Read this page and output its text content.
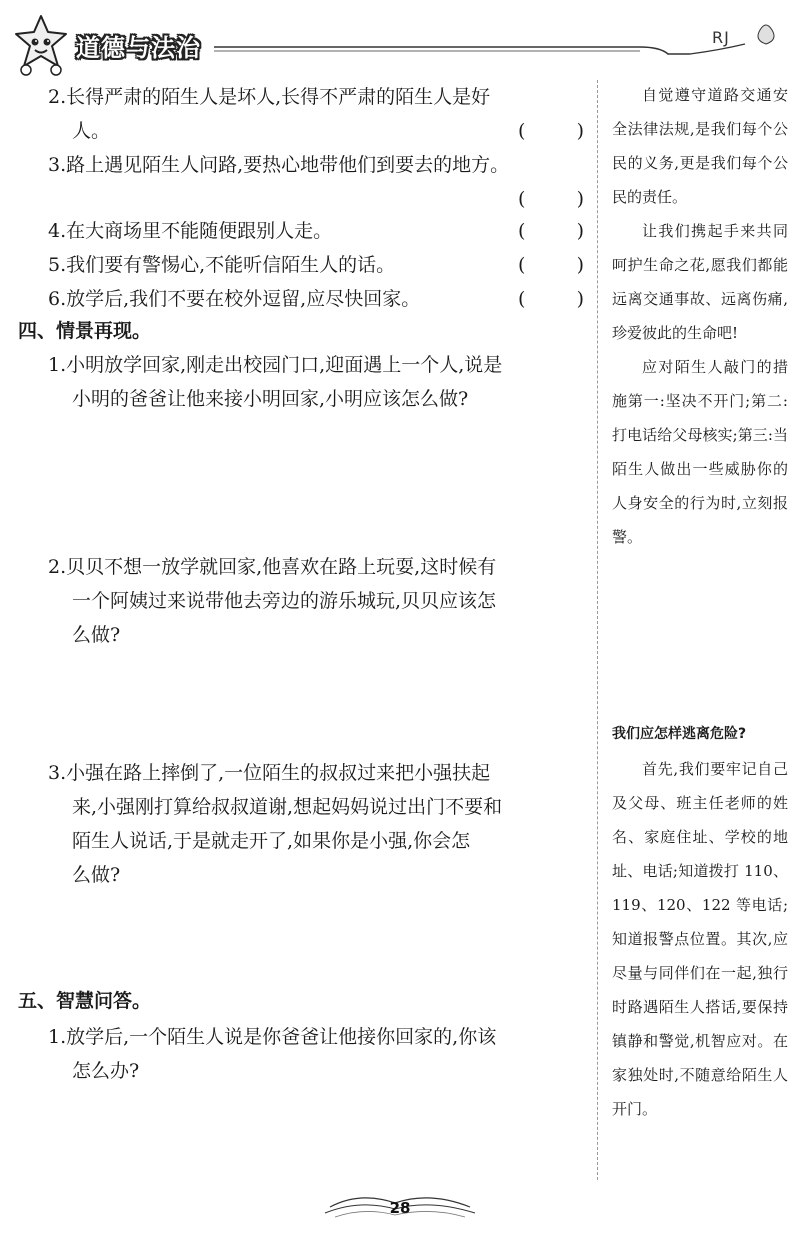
道德与法治	RJ
2.长得严肃的陌生人是坏人,长得不严肃的陌生人是好
人。	(	)
3.路上遇见陌生人问路,要热心地带他们到要去的地方。
(	)
4.在大商场里不能随便跟别人走。	(	)
5.我们要有警惕心,不能听信陌生人的话。	(	)
6.放学后,我们不要在校外逗留,应尽快回家。	(	)
四、情景再现。
1.小明放学回家,刚走出校园门口,迎面遇上一个人,说是
小明的爸爸让他来接小明回家,小明应该怎么做?
2.贝贝不想一放学就回家,他喜欢在路上玩耍,这时候有
一个阿姨过来说带他去旁边的游乐城玩,贝贝应该怎
么做?
3.小强在路上摔倒了,一位陌生的叔叔过来把小强扶起
来,小强刚打算给叔叔道谢,想起妈妈说过出门不要和
陌生人说话,于是就走开了,如果你是小强,你会怎
么做?
五、智慧问答。
1.放学后,一个陌生人说是你爸爸让他接你回家的,你该
怎么办?

自觉遵守道路交通安全法律法规,是我们每个公民的义务,更是我们每个公民的责任。

让我们携起手来共同呵护生命之花,愿我们都能远离交通事故、远离伤痛,珍爱彼此的生命吧!

应对陌生人敲门的措施第一:坚决不开门;第二:打电话给父母核实;第三:当陌生人做出一些威胁你的人身安全的行为时,立刻报警。

我们应怎样逃离危险?

首先,我们要牢记自己及父母、班主任老师的姓名、家庭住址、学校的地址、电话;知道拨打 110、119、120、122 等电话;知道报警点位置。其次,应尽量与同伴们在一起,独行时路遇陌生人搭话,要保持镇静和警觉,机智应对。在家独处时,不随意给陌生人开门。

28
